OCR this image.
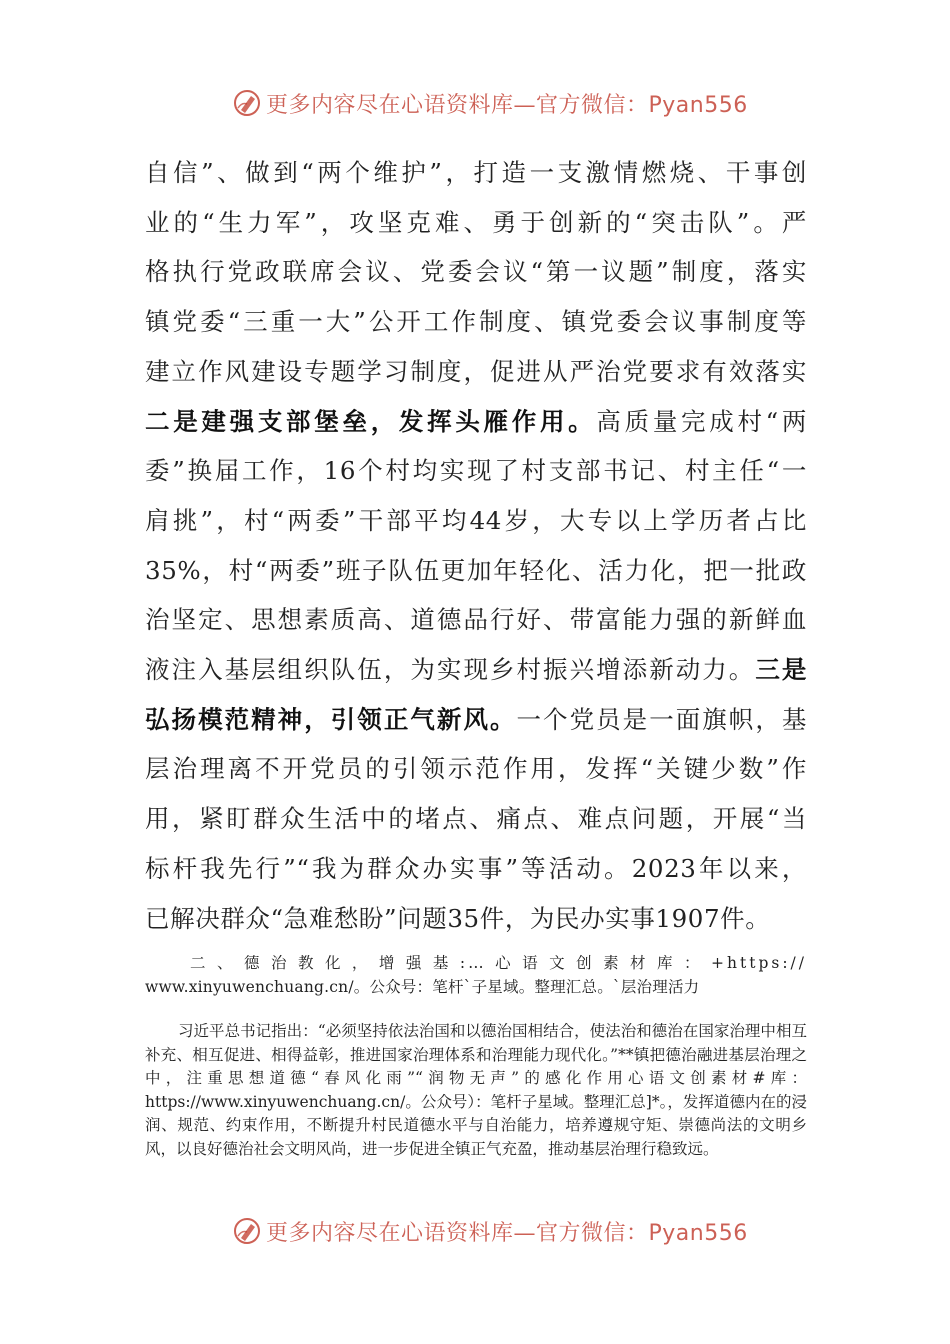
更多内容尽在心语资料库—官方微信：Pyan556

自信”、做到“两个维护”，打造一支激情燃烧、干事创

业的“生力军”，攻坚克难、勇于创新的“突击队”。严

格执行党政联席会议、党委会议“第一议题”制度，落实

镇党委“三重一大”公开工作制度、镇党委会议事制度等

建立作风建设专题学习制度，促进从严治党要求有效落实

二是建强支部堡垒，发挥头雁作用。高质量完成村“两

委”换届工作，16个村均实现了村支部书记、村主任“一

肩挑”，村“两委”干部平均44岁，大专以上学历者占比

35%，村“两委”班子队伍更加年轻化、活力化，把一批政

治坚定、思想素质高、道德品行好、带富能力强的新鲜血

液注入基层组织队伍，为实现乡村振兴增添新动力。三是

弘扬模范精神，引领正气新风。一个党员是一面旗帜，基

层治理离不开党员的引领示范作用，发挥“关键少数”作

用，紧盯群众生活中的堵点、痛点、难点问题，开展“当

标杆我先行”“我为群众办实事”等活动。2023年以来，

已解决群众“急难愁盼”问题35件，为民办实事1907件。

二、德治教化，增强基:…心语文创素材库：+https://
www.xinyuwenchuang.cn/。公众号：笔杆`子星域。整理汇总。`层治理活力

习近平总书记指出：“必须坚持依法治国和以德治国相结合，使法治和德治在国家治理中相互补充、相互促进、相得益彰，推进国家治理体系和治理能力现代化。”**镇把德治融进基层治理之中，注重思想道德“春风化雨”“润物无声”的感化作用心语文创素材#库：https://www.xinyuwenchuang.cn/。公众号）：笔杆子星域。整理汇总]*。，发挥道德内在的浸润、规范、约束作用，不断提升村民道德水平与自治能力，培养遵规守矩、崇德尚法的文明乡风，以良好德治社会文明风尚，进一步促进全镇正气充盈，推动基层治理行稳致远。

更多内容尽在心语资料库—官方微信：Pyan556
